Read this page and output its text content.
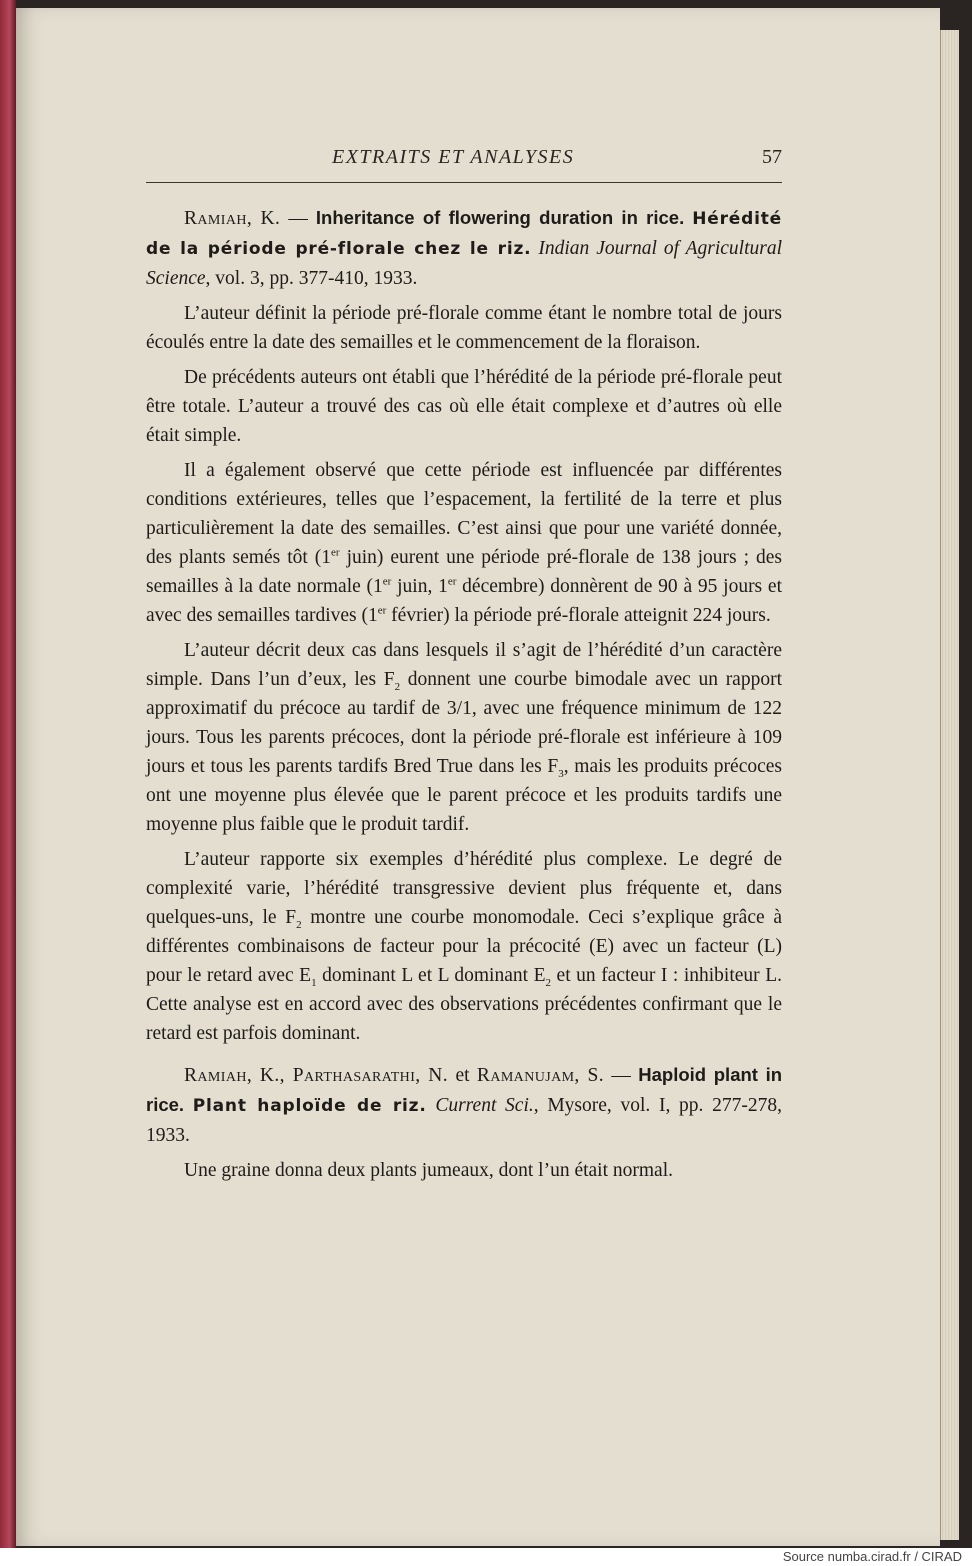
EXTRAITS ET ANALYSES	57

Ramiah, K. — Inheritance of flowering duration in rice. Hérédité de la période pré-florale chez le riz. Indian Journal of Agricultural Science, vol. 3, pp. 377-410, 1933.

L’auteur définit la période pré-florale comme étant le nombre total de jours écoulés entre la date des semailles et le commencement de la floraison.

De précédents auteurs ont établi que l’hérédité de la période pré-florale peut être totale. L’auteur a trouvé des cas où elle était complexe et d’autres où elle était simple.

Il a également observé que cette période est influencée par différentes conditions extérieures, telles que l’espacement, la fertilité de la terre et plus particulièrement la date des semailles. C’est ainsi que pour une variété donnée, des plants semés tôt (1er juin) eurent une période pré-florale de 138 jours ; des semailles à la date normale (1er juin, 1er décembre) donnèrent de 90 à 95 jours et avec des semailles tardives (1er février) la période pré-florale atteignit 224 jours.

L’auteur décrit deux cas dans lesquels il s’agit de l’hérédité d’un caractère simple. Dans l’un d’eux, les $F_2$ donnent une courbe bimodale avec un rapport approximatif du précoce au tardif de 3/1, avec une fréquence minimum de 122 jours. Tous les parents précoces, dont la période pré-florale est inférieure à 109 jours et tous les parents tardifs Bred True dans les $F_3$, mais les produits précoces ont une moyenne plus élevée que le parent précoce et les produits tardifs une moyenne plus faible que le produit tardif.

L’auteur rapporte six exemples d’hérédité plus complexe. Le degré de complexité varie, l’hérédité transgressive devient plus fréquente et, dans quelques-uns, le $F_2$ montre une courbe monomodale. Ceci s’explique grâce à différentes combinaisons de facteur pour la précocité (E) avec un facteur (L) pour le retard avec $E_1$ dominant L et L dominant $E_2$ et un facteur I : inhibiteur L. Cette analyse est en accord avec des observations précédentes confirmant que le retard est parfois dominant.

Ramiah, K., Parthasarathi, N. et Ramanujam, S. — Haploid plant in rice. Plant haploïde de riz. Current Sci., Mysore, vol. I, pp. 277-278, 1933.

Une graine donna deux plants jumeaux, dont l’un était normal.

Source numba.cirad.fr / CIRAD
